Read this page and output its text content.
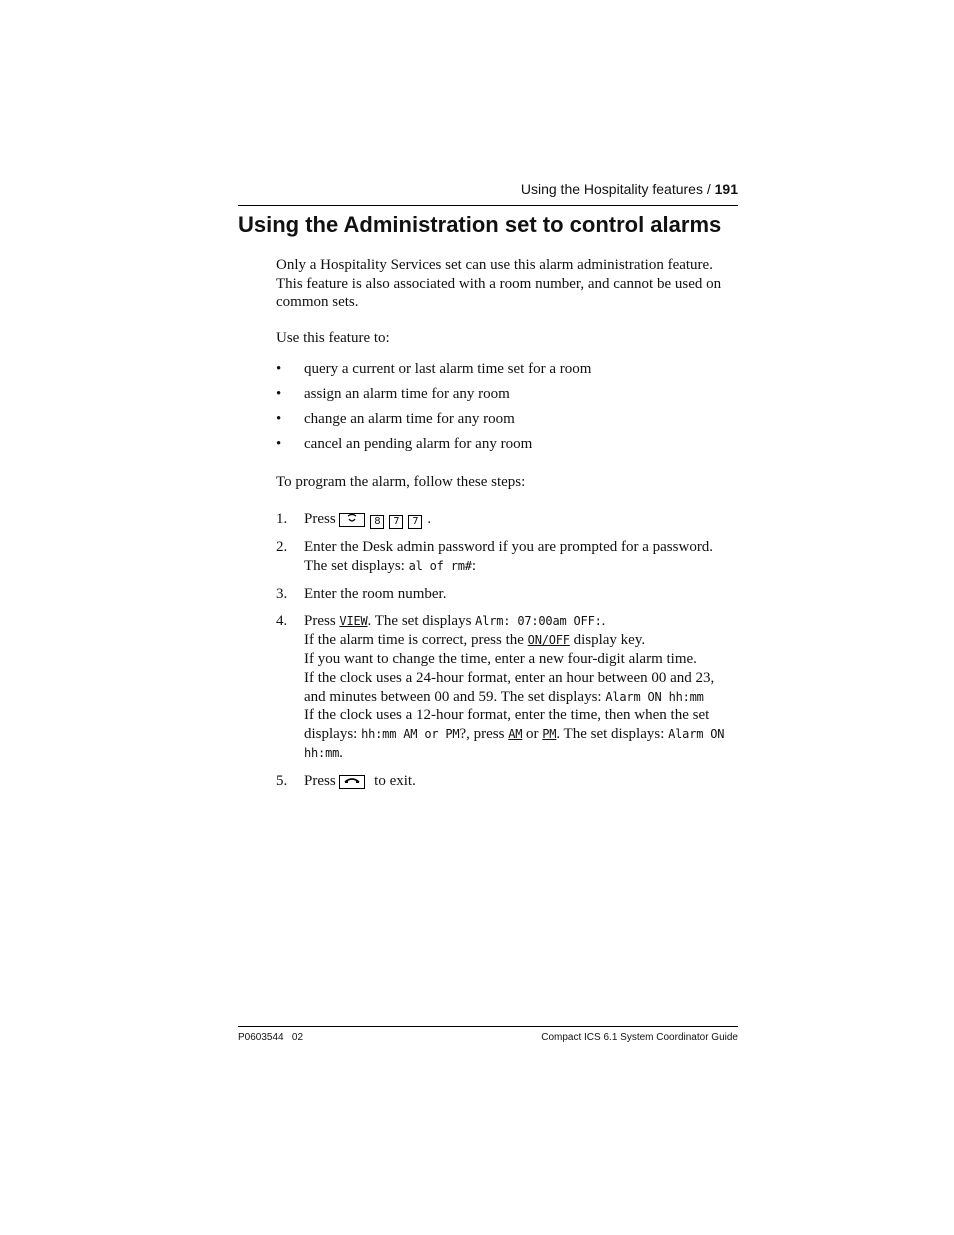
Using the Hospitality features / 191
Using the Administration set to control alarms
Only a Hospitality Services set can use this alarm administration feature. This feature is also associated with a room number, and cannot be used on common sets.
Use this feature to:
• query a current or last alarm time set for a room
• assign an alarm time for any room
• change an alarm time for any room
• cancel an pending alarm for any room
To program the alarm, follow these steps:
1. Press	8 7 7 .
2. Enter the Desk admin password if you are prompted for a password. The set displays: al of rm#:
3. Enter the room number.
4. Press VIEW. The set displays Alrm: 07:00am OFF:.
If the alarm time is correct, press the ON/OFF display key.
If you want to change the time, enter a new four-digit alarm time.
If the clock uses a 24-hour format, enter an hour between 00 and 23, and minutes between 00 and 59. The set displays: Alarm ON hh:mm
If the clock uses a 12-hour format, enter the time, then when the set displays: hh:mm AM or PM?, press AM or PM. The set displays: Alarm ON hh:mm.
5. Press	to exit.
P0603544   02	Compact ICS 6.1 System Coordinator Guide
